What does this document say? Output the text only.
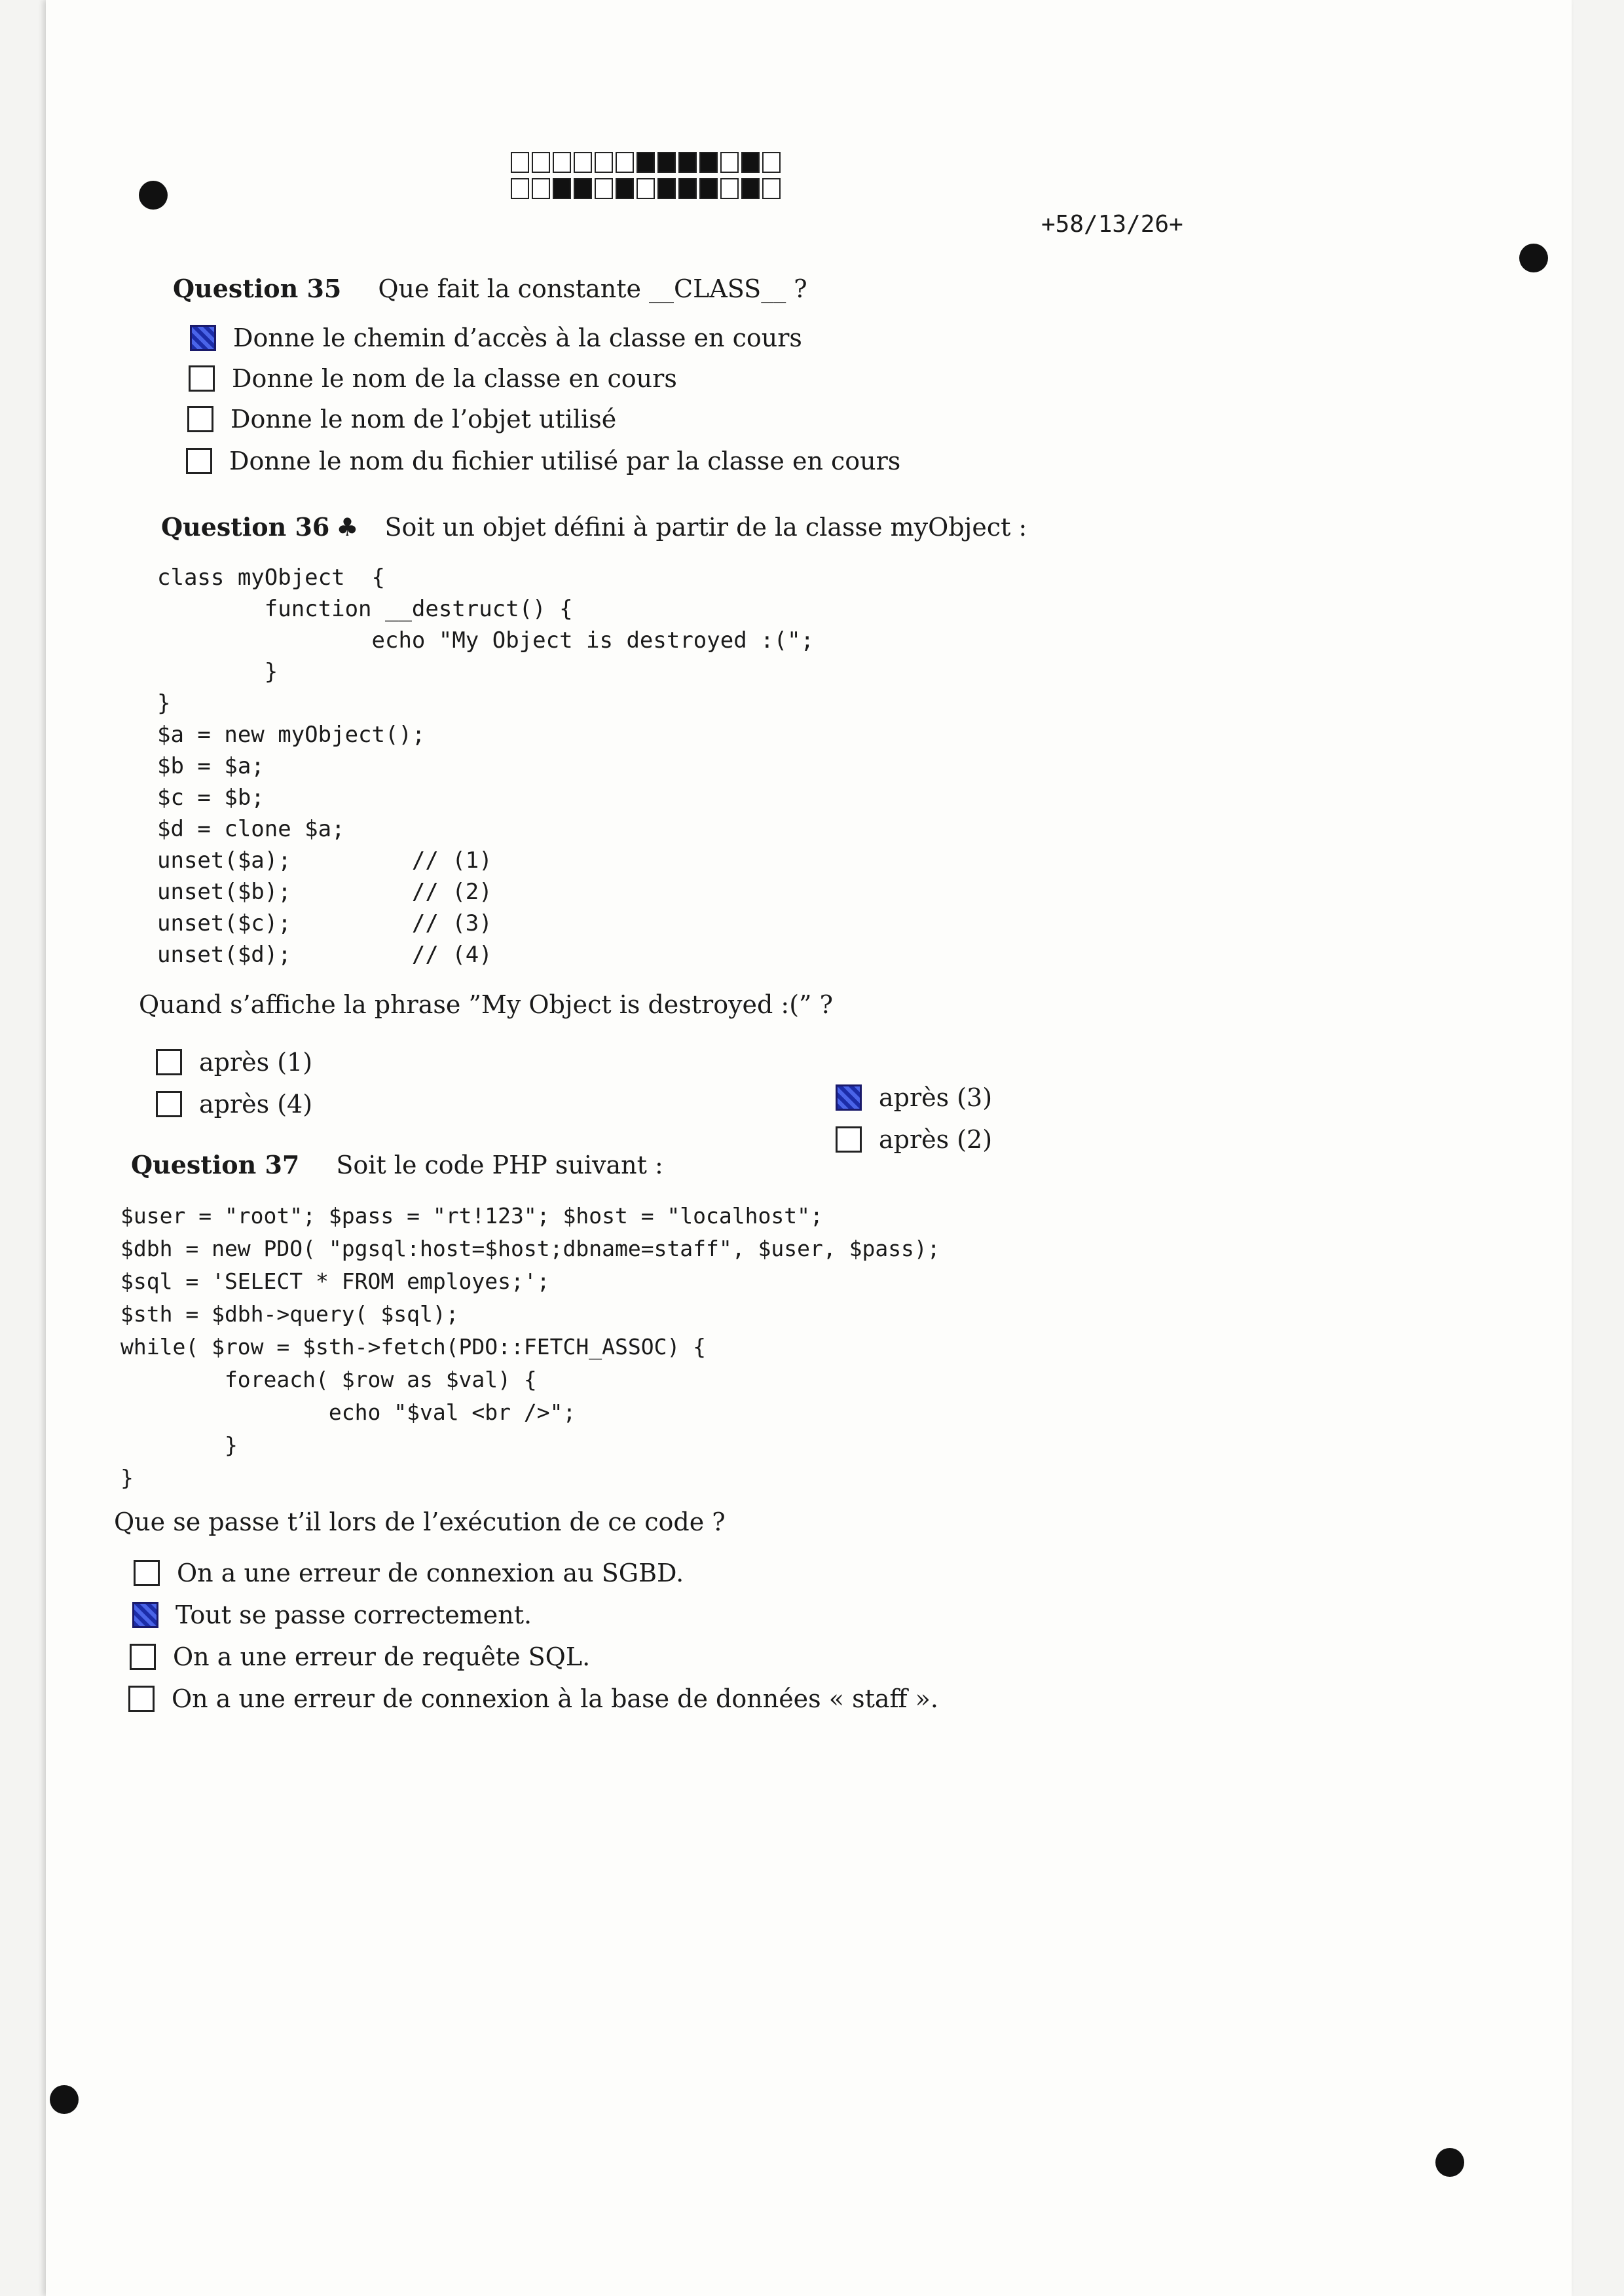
+58/13/26+
Question 35 Que fait la constante __CLASS__ ?
Donne le chemin d’accès à la classe en cours
Donne le nom de la classe en cours
Donne le nom de l’objet utilisé
Donne le nom du fichier utilisé par la classe en cours
Question 36 ♣ Soit un objet défini à partir de la classe myObject :
class myObject  {
function __destruct() {
echo "My Object is destroyed :(";
}
}
$a = new myObject();
$b = $a;
$c = $b;
$d = clone $a;
unset($a);         // (1)
unset($b);         // (2)
unset($c);         // (3)
unset($d);         // (4)
Quand s’affiche la phrase ”My Object is destroyed :(” ?
après (1)
après (4)	après (3)
après (2)
Question 37 Soit le code PHP suivant :
$user = "root"; $pass = "rt!123"; $host = "localhost";
$dbh = new PDO( "pgsql:host=$host;dbname=staff", $user, $pass);
$sql = 'SELECT * FROM employes;';
$sth = $dbh->query( $sql);
while( $row = $sth->fetch(PDO::FETCH_ASSOC) {
foreach( $row as $val) {
echo "$val <br />";
}
}
Que se passe t’il lors de l’exécution de ce code ?
On a une erreur de connexion au SGBD.
Tout se passe correctement.
On a une erreur de requête SQL.
On a une erreur de connexion à la base de données « staff ».
